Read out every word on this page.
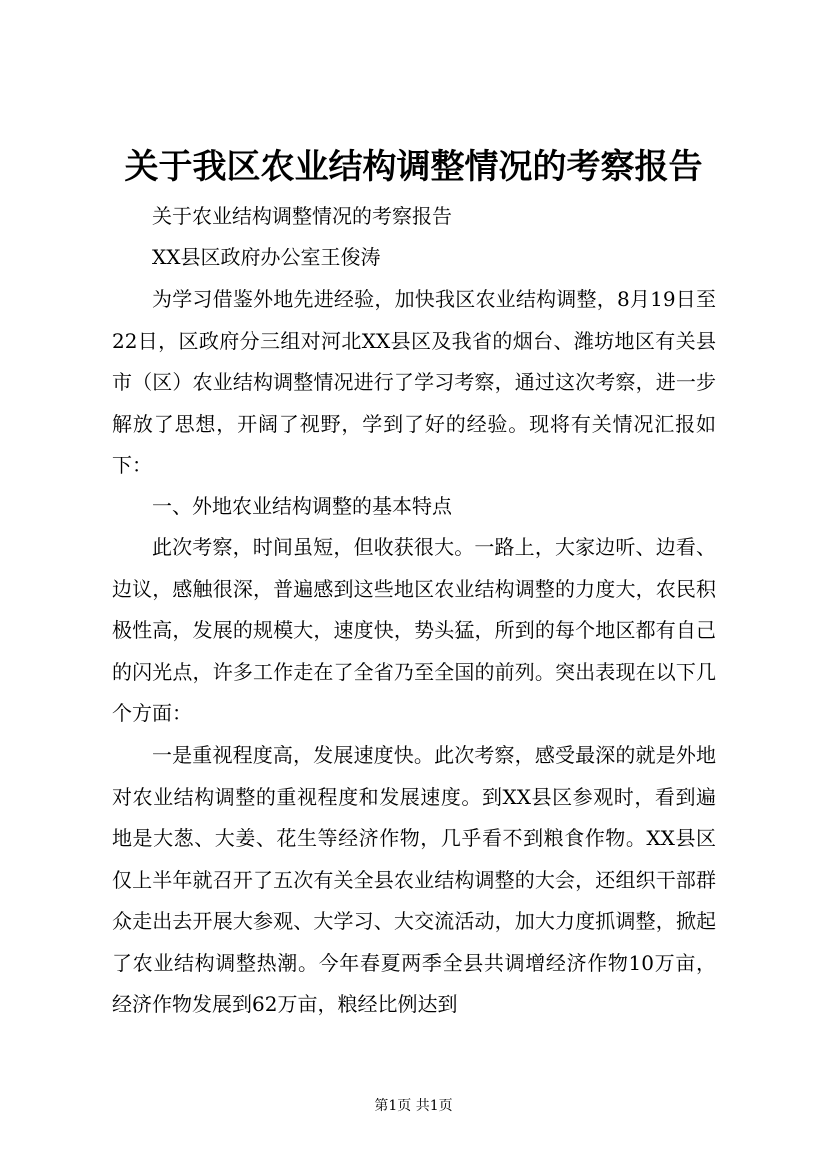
关于我区农业结构调整情况的考察报告

关于农业结构调整情况的考察报告

XX县区政府办公室王俊涛

为学习借鉴外地先进经验，加快我区农业结构调整，8月19日至22日，区政府分三组对河北XX县区及我省的烟台、潍坊地区有关县市（区）农业结构调整情况进行了学习考察，通过这次考察，进一步解放了思想，开阔了视野，学到了好的经验。现将有关情况汇报如下：

一、外地农业结构调整的基本特点

此次考察，时间虽短，但收获很大。一路上，大家边听、边看、边议，感触很深，普遍感到这些地区农业结构调整的力度大，农民积极性高，发展的规模大，速度快，势头猛，所到的每个地区都有自己的闪光点，许多工作走在了全省乃至全国的前列。突出表现在以下几个方面：

一是重视程度高，发展速度快。此次考察，感受最深的就是外地对农业结构调整的重视程度和发展速度。到XX县区参观时，看到遍地是大葱、大姜、花生等经济作物，几乎看不到粮食作物。XX县区仅上半年就召开了五次有关全县农业结构调整的大会，还组织干部群众走出去开展大参观、大学习、大交流活动，加大力度抓调整，掀起了农业结构调整热潮。今年春夏两季全县共调增经济作物10万亩，经济作物发展到62万亩，粮经比例达到

第1页 共1页
